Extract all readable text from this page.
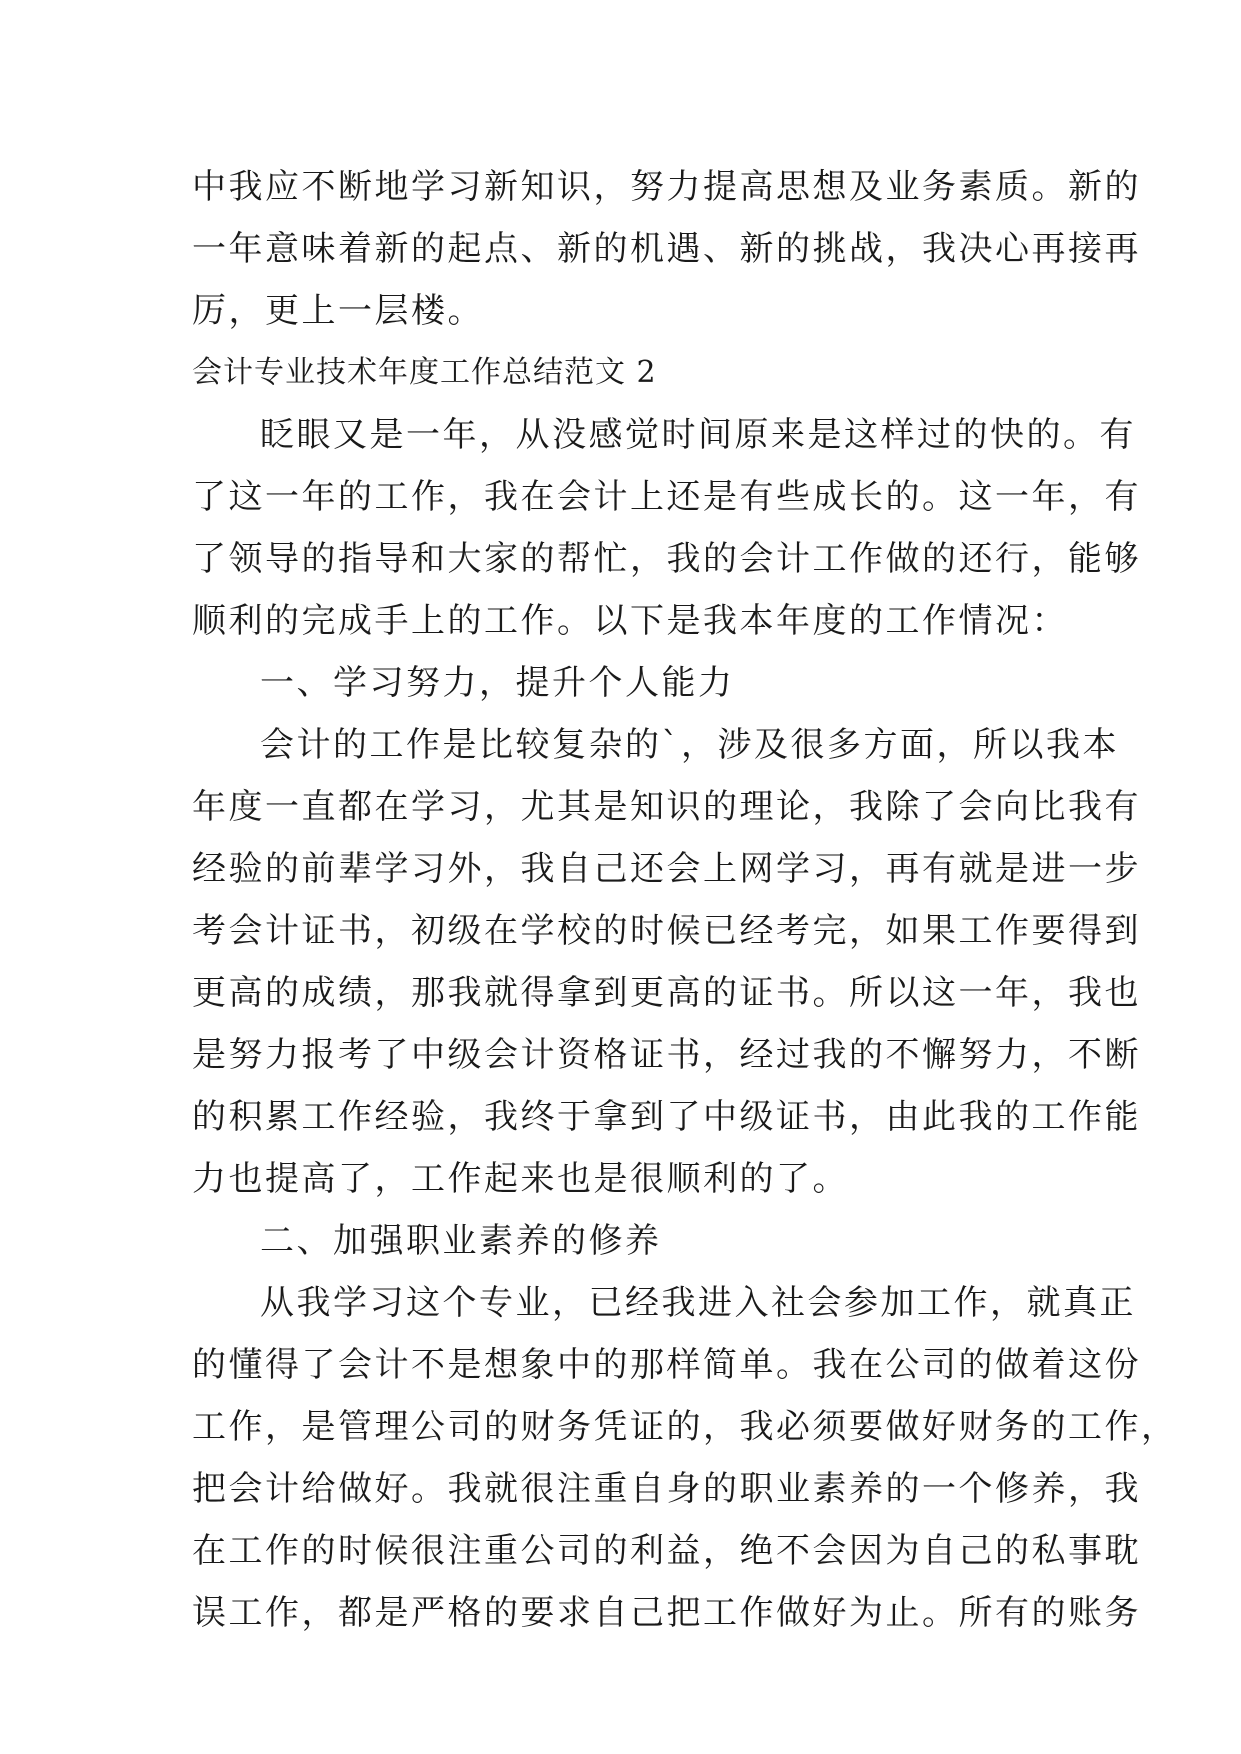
中我应不断地学习新知识，努力提高思想及业务素质。新的
一年意味着新的起点、新的机遇、新的挑战，我决心再接再
厉，更上一层楼。
会计专业技术年度工作总结范文 2
眨眼又是一年，从没感觉时间原来是这样过的快的。有
了这一年的工作，我在会计上还是有些成长的。这一年，有
了领导的指导和大家的帮忙，我的会计工作做的还行，能够
顺利的完成手上的工作。以下是我本年度的工作情况：
一、学习努力，提升个人能力
会计的工作是比较复杂的`，涉及很多方面，所以我本
年度一直都在学习，尤其是知识的理论，我除了会向比我有
经验的前辈学习外，我自己还会上网学习，再有就是进一步
考会计证书，初级在学校的时候已经考完，如果工作要得到
更高的成绩，那我就得拿到更高的证书。所以这一年，我也
是努力报考了中级会计资格证书，经过我的不懈努力，不断
的积累工作经验，我终于拿到了中级证书，由此我的工作能
力也提高了，工作起来也是很顺利的了。
二、加强职业素养的修养
从我学习这个专业，已经我进入社会参加工作，就真正
的懂得了会计不是想象中的那样简单。我在公司的做着这份
工作，是管理公司的财务凭证的，我必须要做好财务的工作，
把会计给做好。我就很注重自身的职业素养的一个修养，我
在工作的时候很注重公司的利益，绝不会因为自己的私事耽
误工作，都是严格的要求自己把工作做好为止。所有的账务
